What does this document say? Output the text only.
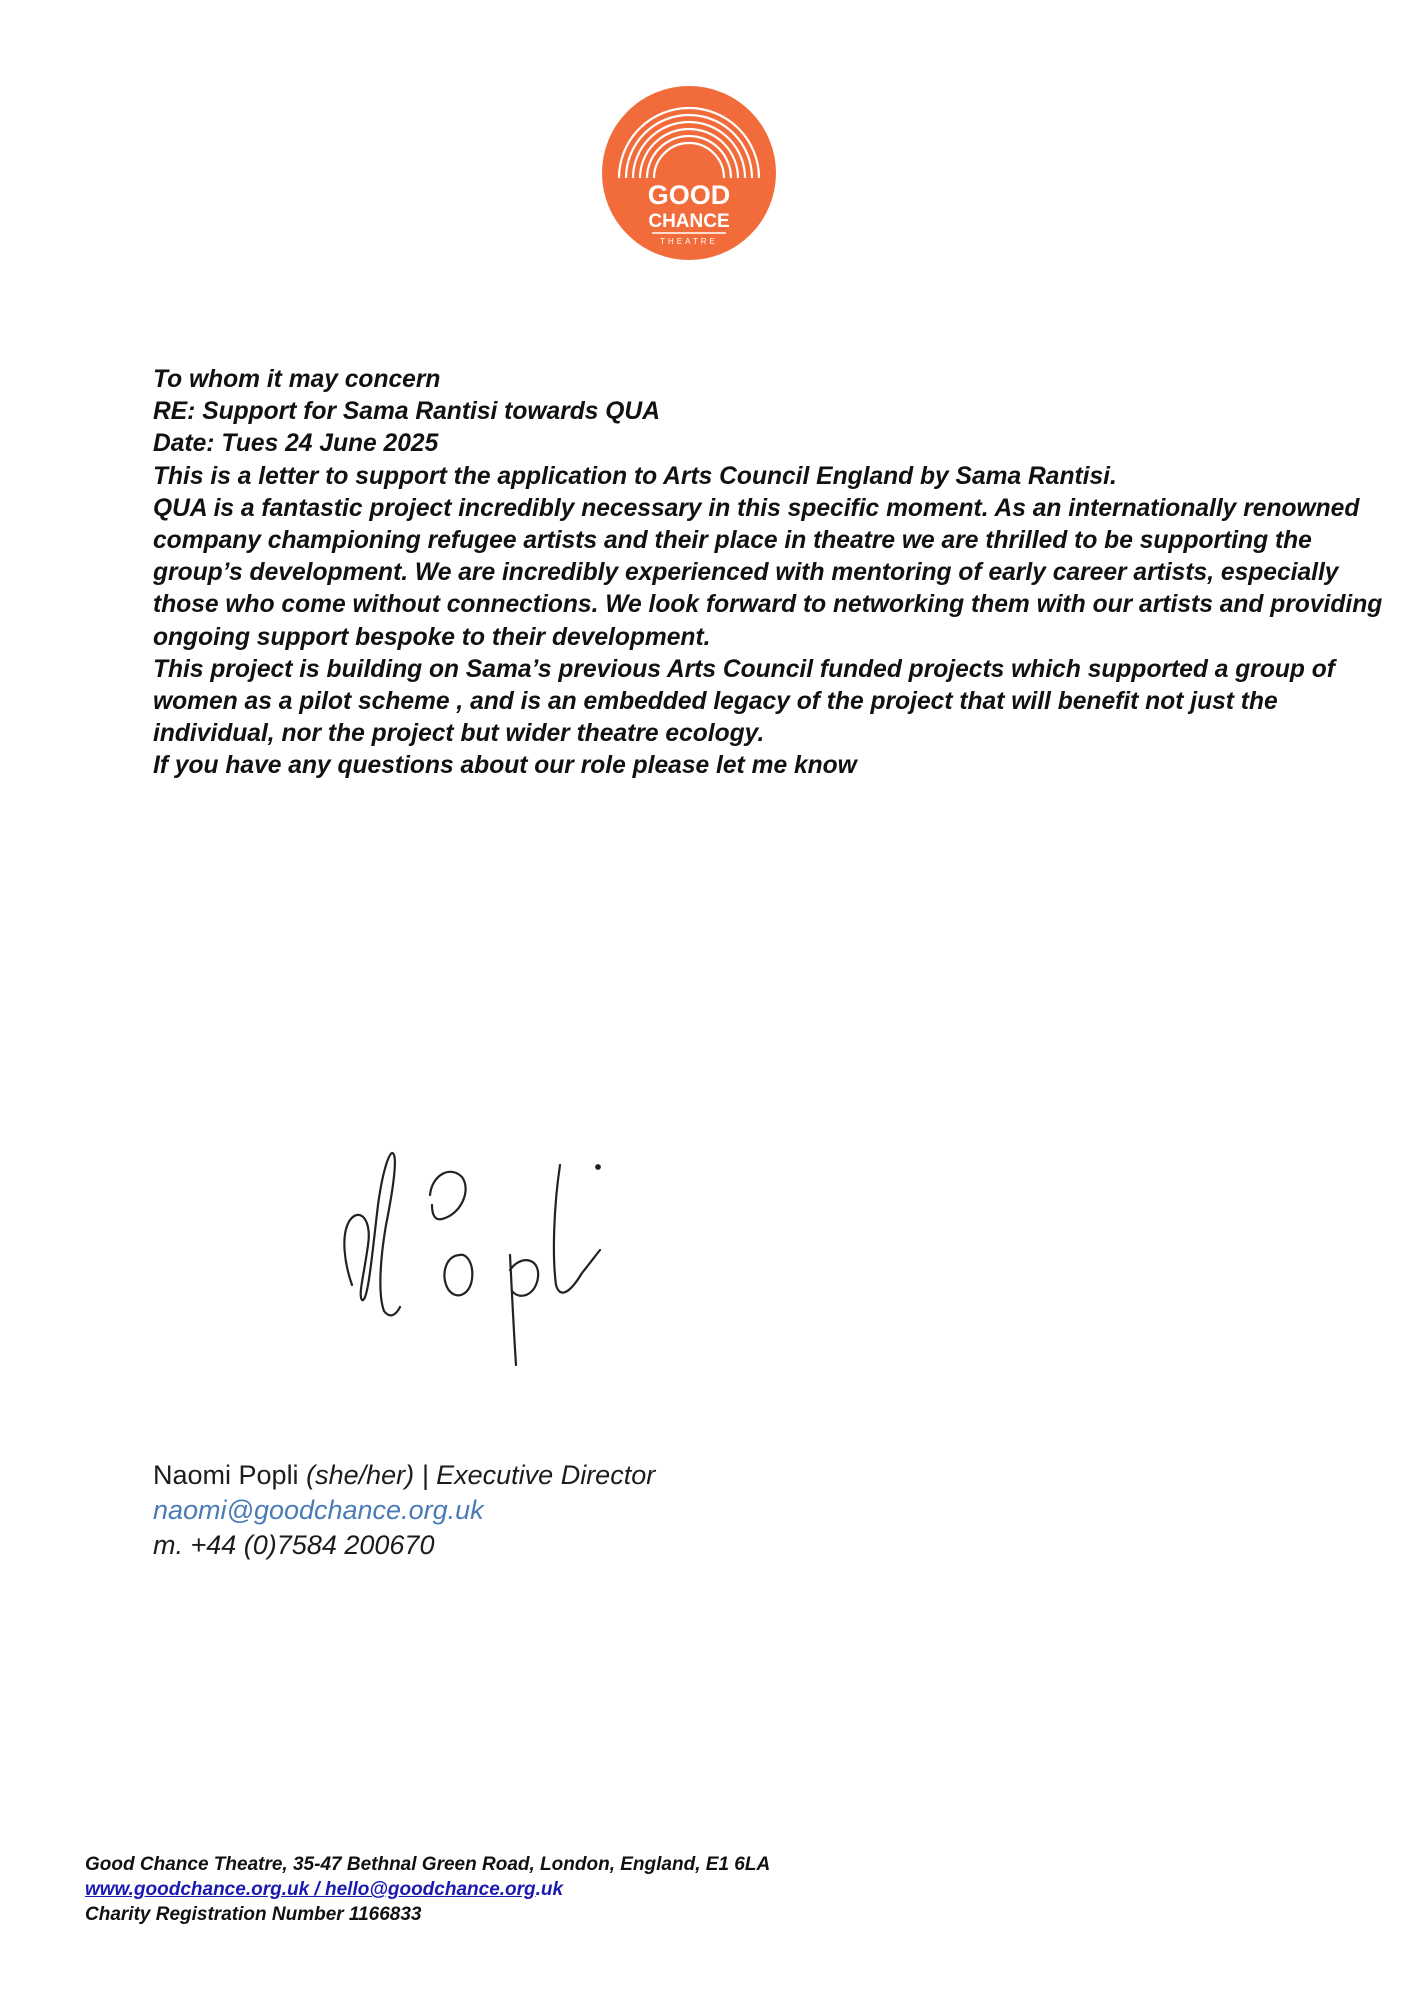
GOOD
CHANCE
THEATRE

To whom it may concern

RE: Support for Sama Rantisi towards QUA

Date: Tues 24 June 2025

This is a letter to support the application to Arts Council England by Sama Rantisi.

QUA is a fantastic project incredibly necessary in this specific moment. As an internationally renowned company championing refugee artists and their place in theatre we are thrilled to be supporting the group’s development. We are incredibly experienced with mentoring of early career artists, especially those who come without connections. We look forward to networking them with our artists and providing ongoing support bespoke to their development.

This project is building on Sama’s previous Arts Council funded projects which supported a group of women as a pilot scheme , and is an embedded legacy of the project that will benefit not just the individual, nor the project but wider theatre ecology.

If you have any questions about our role please let me know

Naomi Popli (she/her) | Executive Director
naomi@goodchance.org.uk
m. +44 (0)7584 200670
Good Chance Theatre, 35-47 Bethnal Green Road, London, England, E1 6LA
www.goodchance.org.uk / hello@goodchance.org.uk
Charity Registration Number 1166833
